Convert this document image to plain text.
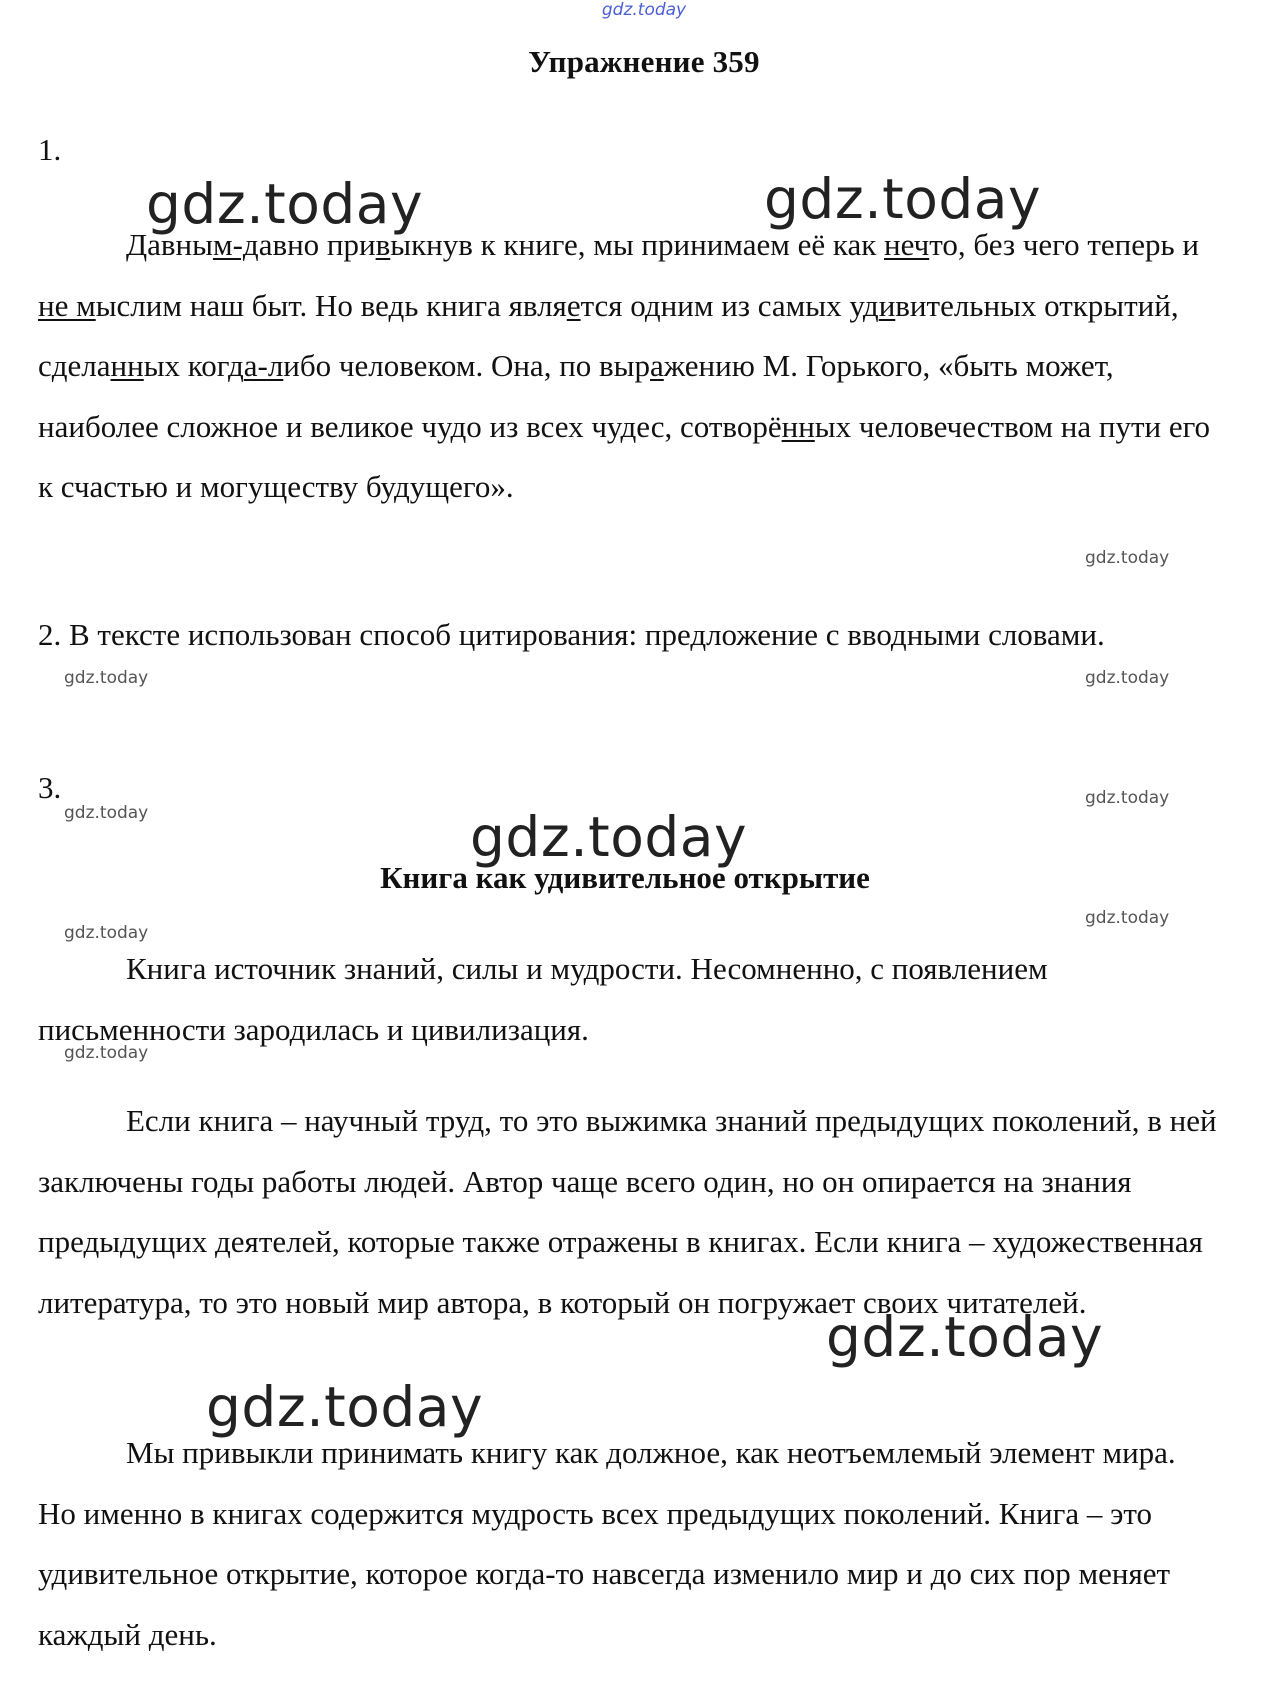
gdz.today
Упражнение 359
1.
Давным-давно привыкнув к книге, мы принимаем её как нечто, без чего теперь и не мыслим наш быт. Но ведь книга является одним из самых удивительных открытий, сделанных когда-либо человеком. Она, по выражению М. Горького, «быть может, наиболее сложное и великое чудо из всех чудес, сотворённых человечеством на пути его к счастью и могуществу будущего».
2. В тексте использован способ цитирования: предложение с вводными словами.
3.
Книга как удивительное открытие
Книга источник знаний, силы и мудрости. Несомненно, с появлением письменности зародилась и цивилизация.
Если книга – научный труд, то это выжимка знаний предыдущих поколений, в ней заключены годы работы людей. Автор чаще всего один, но он опирается на знания предыдущих деятелей, которые также отражены в книгах. Если книга – художественная литература, то это новый мир автора, в который он погружает своих читателей.
Мы привыкли принимать книгу как должное, как неотъемлемый элемент мира. Но именно в книгах содержится мудрость всех предыдущих поколений. Книга – это удивительное открытие, которое когда-то навсегда изменило мир и до сих пор меняет каждый день.
gdz.today	gdz.today
gdz.today
gdz.today
gdz.today
gdz.today
gdz.today	gdz.today
gdz.today
gdz.today
gdz.today
gdz.today
gdz.today
